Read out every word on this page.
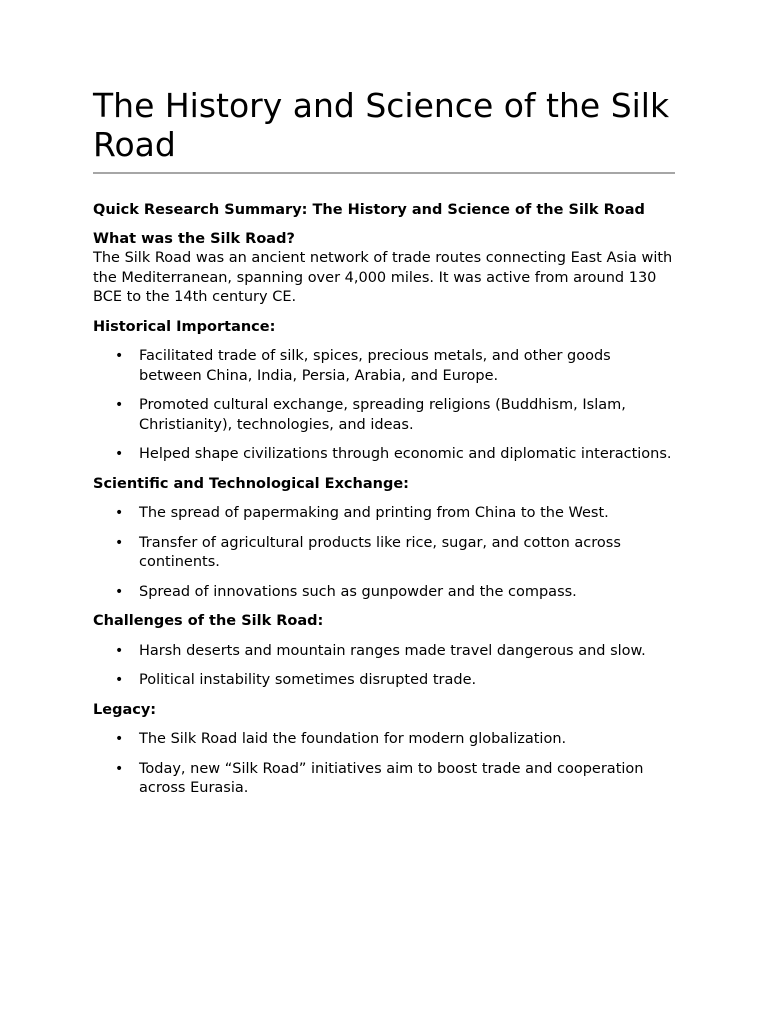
The History and Science of the Silk Road

Quick Research Summary: The History and Science of the Silk Road

What was the Silk Road?

The Silk Road was an ancient network of trade routes connecting East Asia with the Mediterranean, spanning over 4,000 miles. It was active from around 130 BCE to the 14th century CE.

Historical Importance:

• Facilitated trade of silk, spices, precious metals, and other goods between China, India, Persia, Arabia, and Europe.
• Promoted cultural exchange, spreading religions (Buddhism, Islam, Christianity), technologies, and ideas.
• Helped shape civilizations through economic and diplomatic interactions.

Scientific and Technological Exchange:

• The spread of papermaking and printing from China to the West.
• Transfer of agricultural products like rice, sugar, and cotton across continents.
• Spread of innovations such as gunpowder and the compass.

Challenges of the Silk Road:

• Harsh deserts and mountain ranges made travel dangerous and slow.
• Political instability sometimes disrupted trade.

Legacy:

• The Silk Road laid the foundation for modern globalization.
• Today, new “Silk Road” initiatives aim to boost trade and cooperation across Eurasia.
